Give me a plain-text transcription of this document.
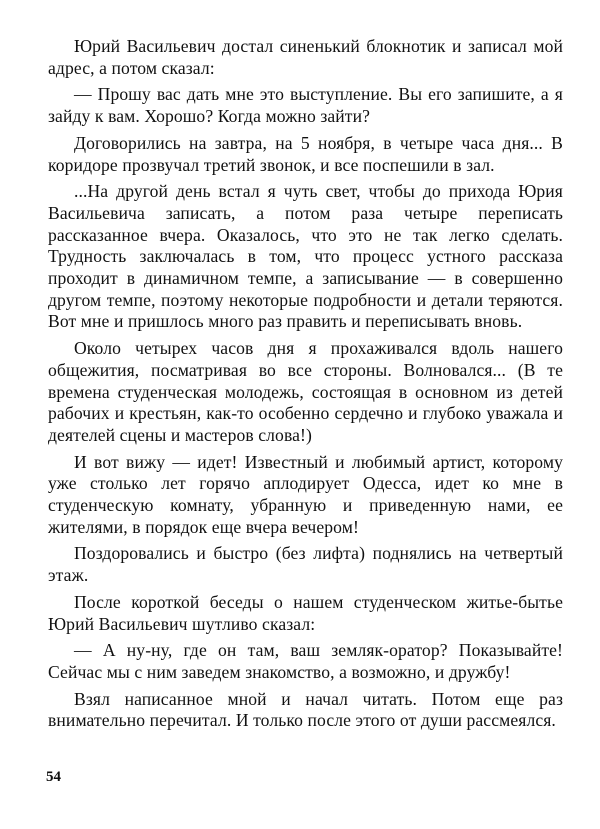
Юрий Васильевич достал синенький блокнотик и записал мой адрес, а потом сказал:

— Прошу вас дать мне это выступление. Вы его запишите, а я зайду к вам. Хорошо? Когда можно зайти?

Договорились на завтра, на 5 ноября, в четыре часа дня... В коридоре прозвучал третий звонок, и все поспешили в зал.

...На другой день встал я чуть свет, чтобы до прихода Юрия Васильевича записать, а потом раза четыре переписать рассказанное вчера. Оказалось, что это не так легко сделать. Трудность заключалась в том, что процесс устного рассказа проходит в динамичном темпе, а записывание — в совершенно другом темпе, поэтому некоторые подробности и детали теряются. Вот мне и пришлось много раз править и переписывать вновь.

Около четырех часов дня я прохаживался вдоль нашего общежития, посматривая во все стороны. Волновался... (В те времена студенческая молодежь, состоящая в основном из детей рабочих и крестьян, как-то особенно сердечно и глубоко уважала и деятелей сцены и мастеров слова!)

И вот вижу — идет! Известный и любимый артист, которому уже столько лет горячо аплодирует Одесса, идет ко мне в студенческую комнату, убранную и приведенную нами, ее жителями, в порядок еще вчера вечером!

Поздоровались и быстро (без лифта) поднялись на четвертый этаж.

После короткой беседы о нашем студенческом житье-бытье Юрий Васильевич шутливо сказал:

— А ну-ну, где он там, ваш земляк-оратор? Показывайте! Сейчас мы с ним заведем знакомство, а возможно, и дружбу!

Взял написанное мной и начал читать. Потом еще раз внимательно перечитал. И только после этого от души рассмеялся.

54
